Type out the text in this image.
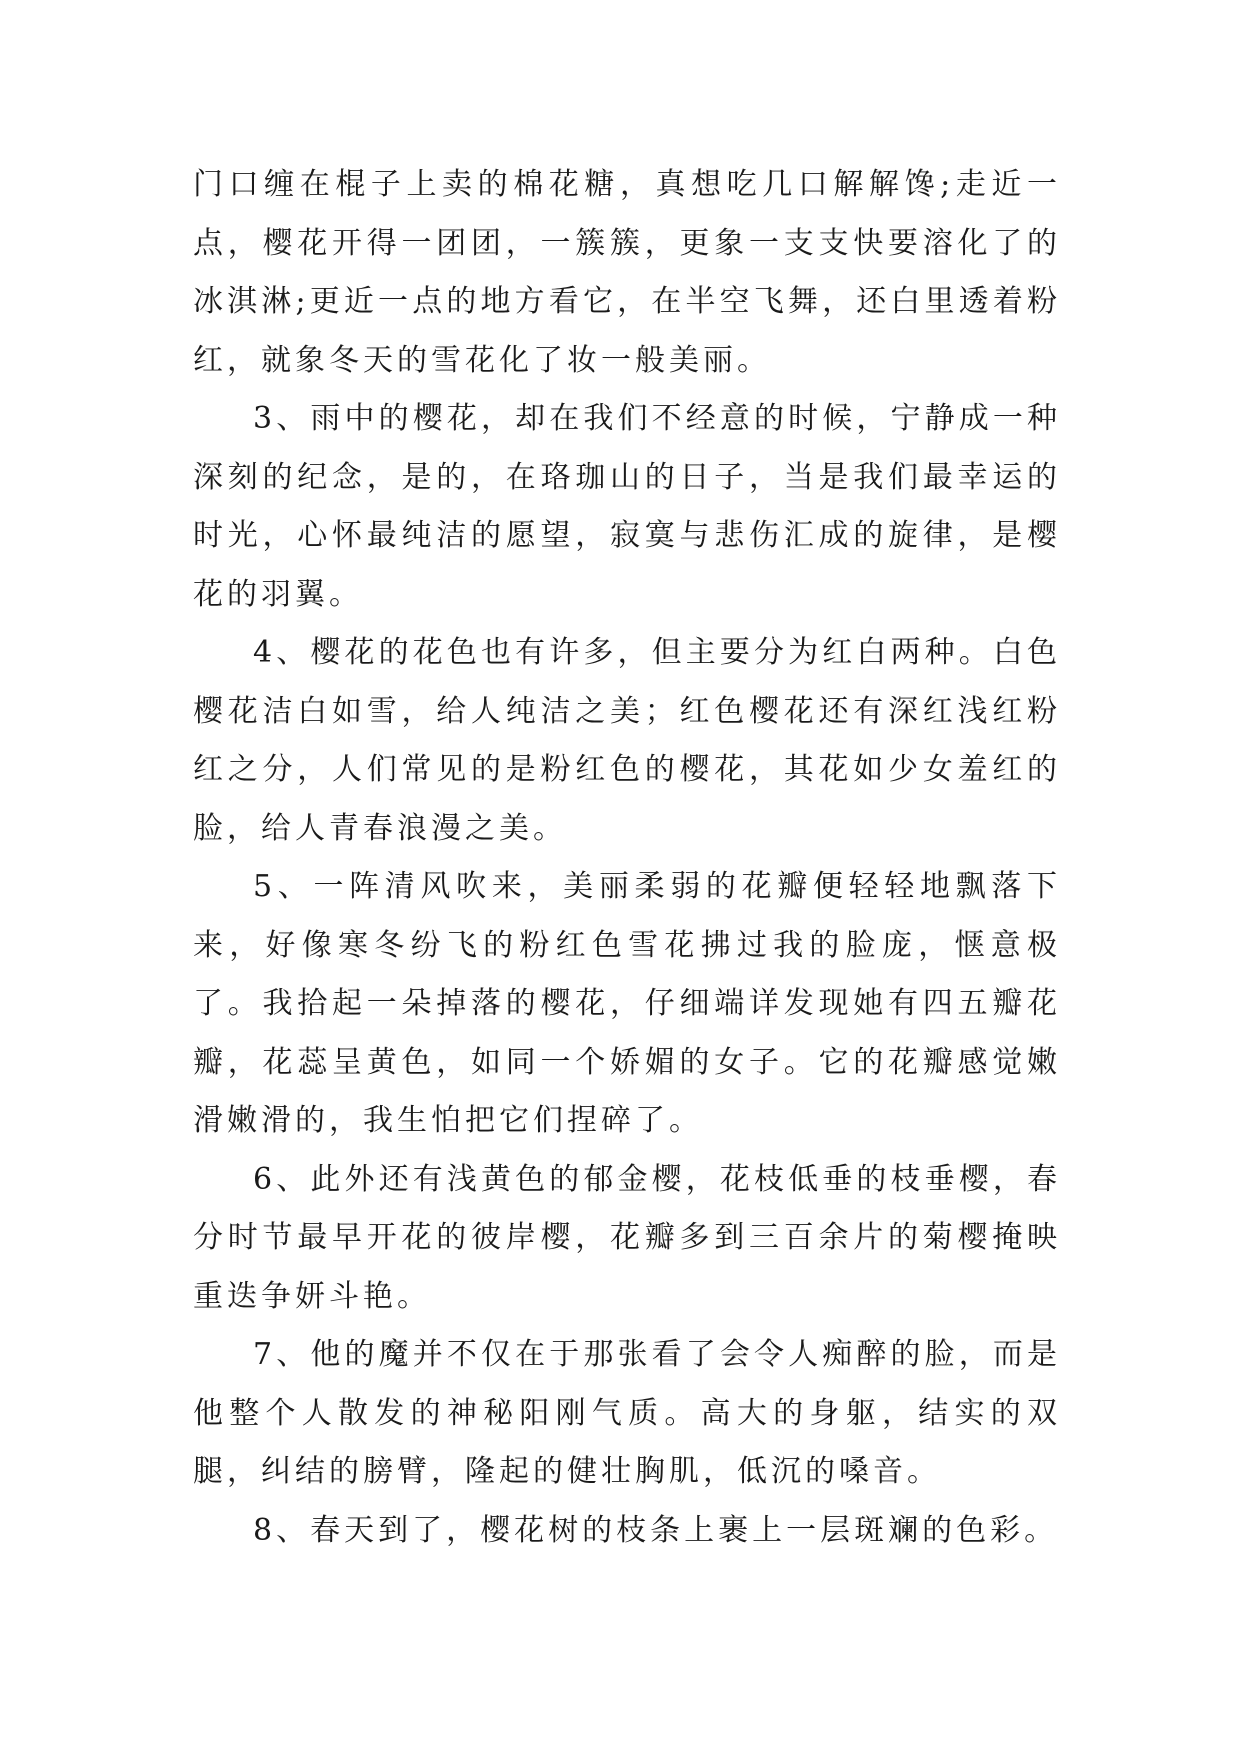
门口缠在棍子上卖的棉花糖，真想吃几口解解馋;走近一点，樱花开得一团团，一簇簇，更象一支支快要溶化了的冰淇淋;更近一点的地方看它，在半空飞舞，还白里透着粉红，就象冬天的雪花化了妆一般美丽。

3、雨中的樱花，却在我们不经意的时候，宁静成一种深刻的纪念，是的，在珞珈山的日子，当是我们最幸运的时光，心怀最纯洁的愿望，寂寞与悲伤汇成的旋律，是樱花的羽翼。

4、樱花的花色也有许多，但主要分为红白两种。白色樱花洁白如雪，给人纯洁之美；红色樱花还有深红浅红粉红之分，人们常见的是粉红色的樱花，其花如少女羞红的脸，给人青春浪漫之美。

5、一阵清风吹来，美丽柔弱的花瓣便轻轻地飘落下来，好像寒冬纷飞的粉红色雪花拂过我的脸庞，惬意极了。我拾起一朵掉落的樱花，仔细端详发现她有四五瓣花瓣，花蕊呈黄色，如同一个娇媚的女子。它的花瓣感觉嫩滑嫩滑的，我生怕把它们捏碎了。

6、此外还有浅黄色的郁金樱，花枝低垂的枝垂樱，春分时节最早开花的彼岸樱，花瓣多到三百余片的菊樱掩映重迭争妍斗艳。

7、他的魔并不仅在于那张看了会令人痴醉的脸，而是他整个人散发的神秘阳刚气质。高大的身躯，结实的双腿，纠结的膀臂，隆起的健壮胸肌，低沉的嗓音。

8、春天到了，樱花树的枝条上裹上一层斑斓的色彩。
